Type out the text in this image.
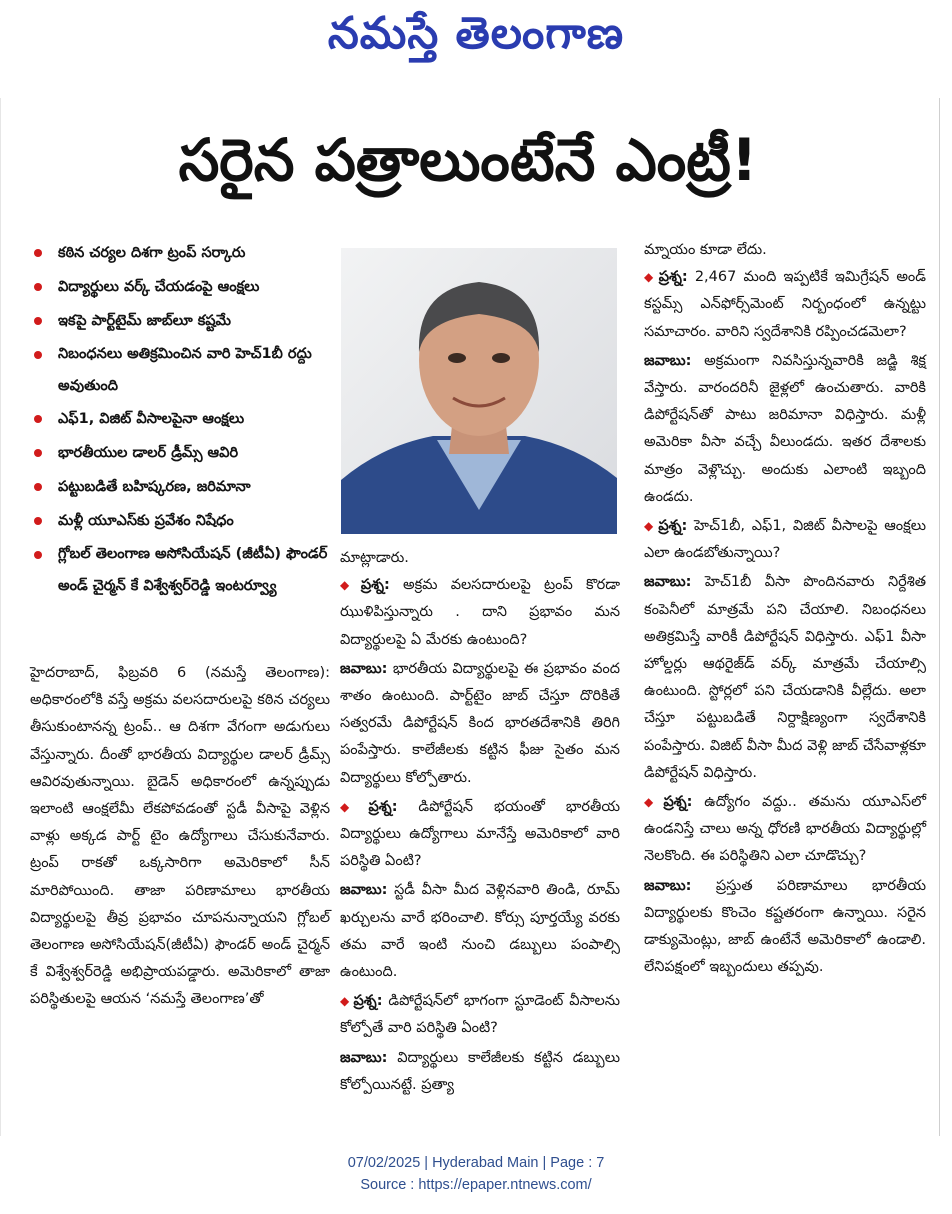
నమస్తే తెలంగాణ
సరైన పత్రాలుంటేనే ఎంట్రీ!
కఠిన చర్యల దిశగా ట్రంప్ సర్కారు
విద్యార్థులు వర్క్ చేయడంపై ఆంక్షలు
ఇకపై పార్ట్‌టైమ్ జాబ్‌లూ కష్టమే
నిబంధనలు అతిక్రమించిన వారి హెచ్1బీ రద్దు అవుతుంది
ఎఫ్1, విజిట్ వీసాలపైనా ఆంక్షలు
భారతీయుల డాలర్ డ్రీమ్స్ ఆవిరి
పట్టుబడితే బహిష్కరణ, జరిమానా
మళ్లీ యూఎస్‌కు ప్రవేశం నిషేధం
గ్లోబల్ తెలంగాణ అసోసియేషన్ (జీటీఏ) ఫౌండర్ అండ్ చైర్మన్ కే విశ్వేశ్వర్‌రెడ్డి ఇంటర్వ్యూ

హైదరాబాద్, ఫిబ్రవరి 6 (నమస్తే తెలంగాణ): అధికారంలోకి వస్తే అక్రమ వలసదారులపై కఠిన చర్యలు తీసుకుంటానన్న ట్రంప్.. ఆ దిశగా వేగంగా అడుగులు వేస్తున్నారు. దీంతో భారతీయ విద్యార్థుల డాలర్ డ్రీమ్స్ ఆవిరవుతున్నాయి. బైడెన్ అధికారంలో ఉన్నప్పుడు ఇలాంటి ఆంక్షలేమీ లేకపోవడంతో స్టడీ వీసాపై వెళ్లిన వాళ్లు అక్కడ పార్ట్ టైం ఉద్యోగాలు చేసుకునేవారు. ట్రంప్ రాకతో ఒక్కసారిగా అమెరికాలో సీన్ మారిపోయింది. తాజా పరిణామాలు భారతీయ విద్యార్థులపై తీవ్ర ప్రభావం చూపనున్నాయని గ్లోబల్ తెలంగాణ అసోసియేషన్(జీటీఏ) ఫౌండర్ అండ్ చైర్మన్ కే విశ్వేశ్వర్‌రెడ్డి అభిప్రాయపడ్డారు. అమెరికాలో తాజా పరిస్థితులపై ఆయన ‘నమస్తే తెలంగాణ’తో

మాట్లాడారు.

◆ ప్రశ్న: అక్రమ వలసదారులపై ట్రంప్ కొరడా ఝుళిపిస్తున్నారు . దాని ప్రభావం మన విద్యార్థులపై ఏ మేరకు ఉంటుంది?

జవాబు: భారతీయ విద్యార్థులపై ఈ ప్రభావం వంద శాతం ఉంటుంది. పార్ట్‌టైం జాబ్ చేస్తూ దొరికితే సత్వరమే డిపోర్టేషన్ కింద భారతదేశానికి తిరిగి పంపేస్తారు. కాలేజీలకు కట్టిన ఫీజు సైతం మన విద్యార్థులు కోల్పోతారు.

◆ ప్రశ్న: డిపోర్టేషన్ భయంతో భారతీయ విద్యార్థులు ఉద్యోగాలు మానేస్తే అమెరికాలో వారి పరిస్థితి ఏంటి?

జవాబు: స్టడీ వీసా మీద వెళ్లినవారి తిండి, రూమ్ ఖర్చులను వారే భరించాలి. కోర్సు పూర్తయ్యే వరకు తమ వారే ఇంటి నుంచి డబ్బులు పంపాల్సి ఉంటుంది.

◆ ప్రశ్న: డిపోర్టేషన్‌లో భాగంగా స్టూడెంట్ వీసాలను కోల్పోతే వారి పరిస్థితి ఏంటి?

జవాబు: విద్యార్థులు కాలేజీలకు కట్టిన డబ్బులు కోల్పోయినట్టే. ప్రత్యా

మ్నాయం కూడా లేదు.

◆ ప్రశ్న: 2,467 మంది ఇప్పటికే ఇమిగ్రేషన్ అండ్ కస్టమ్స్ ఎన్‌ఫోర్స్‌మెంట్ నిర్బంధంలో ఉన్నట్టు సమాచారం. వారిని స్వదేశానికి రప్పించడమెలా?

జవాబు: అక్రమంగా నివసిస్తున్నవారికి జడ్జి శిక్ష వేస్తారు. వారందరినీ జైళ్లలో ఉంచుతారు. వారికి డిపోర్టేషన్‌తో పాటు జరిమానా విధిస్తారు. మళ్లీ అమెరికా వీసా వచ్చే వీలుండదు. ఇతర దేశాలకు మాత్రం వెళ్లొచ్చు. అందుకు ఎలాంటి ఇబ్బంది ఉండదు.

◆ ప్రశ్న: హెచ్1బీ, ఎఫ్1, విజిట్ వీసాలపై ఆంక్షలు ఎలా ఉండబోతున్నాయి?

జవాబు: హెచ్1బీ వీసా పొందినవారు నిర్దేశిత కంపెనీలో మాత్రమే పని చేయాలి. నిబంధనలు అతిక్రమిస్తే వారికీ డిపోర్టేషన్ విధిస్తారు. ఎఫ్1 వీసా హోల్డర్లు ఆథరైజ్‌డ్ వర్క్ మాత్రమే చేయాల్సి ఉంటుంది. స్టోర్లలో పని చేయడానికి వీల్లేదు. అలా చేస్తూ పట్టుబడితే నిర్దాక్షిణ్యంగా స్వదేశానికి పంపేస్తారు. విజిట్ వీసా మీద వెళ్లి జాబ్ చేసేవాళ్లకూ డిపోర్టేషన్ విధిస్తారు.

◆ ప్రశ్న: ఉద్యోగం వద్దు.. తమను యూఎస్‌లో ఉండనిస్తే చాలు అన్న ధోరణి భారతీయ విద్యార్థుల్లో నెలకొంది. ఈ పరిస్థితిని ఎలా చూడొచ్చు?

జవాబు: ప్రస్తుత పరిణామాలు భారతీయ విద్యార్థులకు కొంచెం కష్టతరంగా ఉన్నాయి. సరైన డాక్యుమెంట్లు, జాబ్ ఉంటేనే అమెరికాలో ఉండాలి. లేనిపక్షంలో ఇబ్బందులు తప్పవు.

07/02/2025 | Hyderabad Main | Page : 7
Source : https://epaper.ntnews.com/
